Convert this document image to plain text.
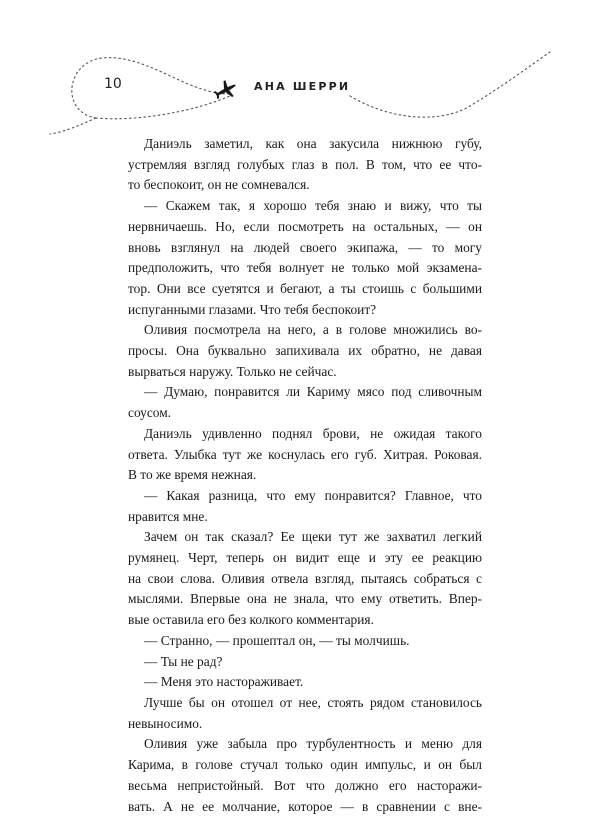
10	АНА ШЕРРИ
Даниэль заметил, как она закусила нижнюю губу,
устремляя взгляд голубых глаз в пол. В том, что ее что-
то беспокоит, он не сомневался.
— Скажем так, я хорошо тебя знаю и вижу, что ты
нервничаешь. Но, если посмотреть на остальных, — он
вновь взглянул на людей своего экипажа, — то могу
предположить, что тебя волнует не только мой экзамена-
тор. Они все суетятся и бегают, а ты стоишь с большими
испуганными глазами. Что тебя беспокоит?
Оливия посмотрела на него, а в голове множились во-
просы. Она буквально запихивала их обратно, не давая
вырваться наружу. Только не сейчас.
— Думаю, понравится ли Кариму мясо под сливочным
соусом.
Даниэль удивленно поднял брови, не ожидая такого
ответа. Улыбка тут же коснулась его губ. Хитрая. Роковая.
В то же время нежная.
— Какая разница, что ему понравится? Главное, что
нравится мне.
Зачем он так сказал? Ее щеки тут же захватил легкий
румянец. Черт, теперь он видит еще и эту ее реакцию
на свои слова. Оливия отвела взгляд, пытаясь собраться с
мыслями. Впервые она не знала, что ему ответить. Впер-
вые оставила его без колкого комментария.
— Странно, — прошептал он, — ты молчишь.
— Ты не рад?
— Меня это настораживает.
Лучше бы он отошел от нее, стоять рядом становилось
невыносимо.
Оливия уже забыла про турбулентность и меню для
Карима, в голове стучал только один импульс, и он был
весьма непристойный. Вот что должно его насторажи-
вать. А не ее молчание, которое — в сравнении с вне-
